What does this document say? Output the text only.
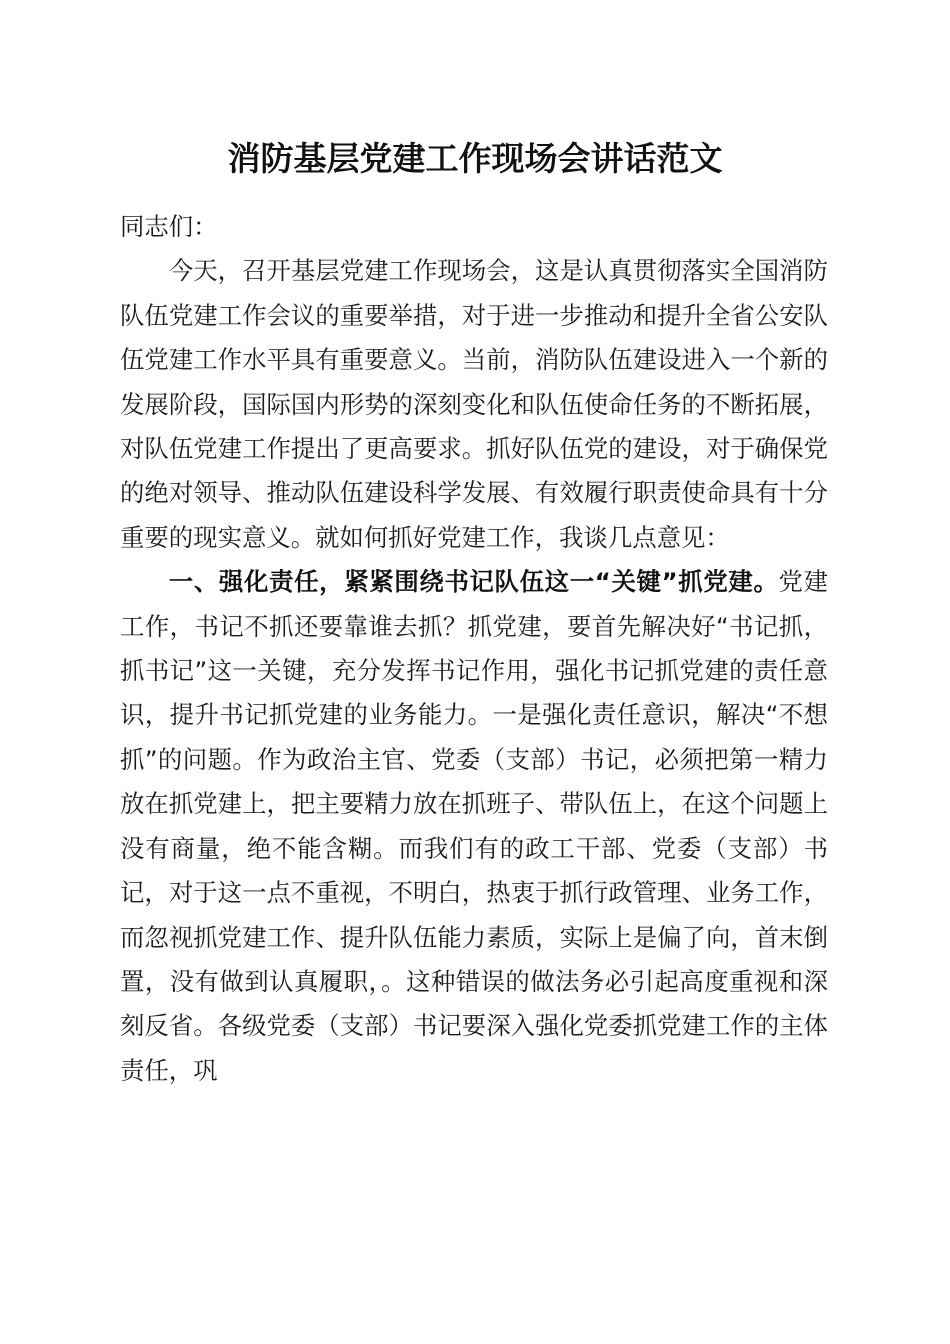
消防基层党建工作现场会讲话范文

同志们：

今天，召开基层党建工作现场会，这是认真贯彻落实全国消防队伍党建工作会议的重要举措，对于进一步推动和提升全省公安队伍党建工作水平具有重要意义。当前，消防队伍建设进入一个新的发展阶段，国际国内形势的深刻变化和队伍使命任务的不断拓展，对队伍党建工作提出了更高要求。抓好队伍党的建设，对于确保党的绝对领导、推动队伍建设科学发展、有效履行职责使命具有十分重要的现实意义。就如何抓好党建工作，我谈几点意见：

一、强化责任，紧紧围绕书记队伍这一“关键”抓党建。党建工作，书记不抓还要靠谁去抓？抓党建，要首先解决好“书记抓，抓书记”这一关键，充分发挥书记作用，强化书记抓党建的责任意识，提升书记抓党建的业务能力。一是强化责任意识，解决“不想抓”的问题。作为政治主官、党委（支部）书记，必须把第一精力放在抓党建上，把主要精力放在抓班子、带队伍上，在这个问题上没有商量，绝不能含糊。而我们有的政工干部、党委（支部）书记，对于这一点不重视，不明白，热衷于抓行政管理、业务工作，而忽视抓党建工作、提升队伍能力素质，实际上是偏了向，首末倒置，没有做到认真履职，。这种错误的做法务必引起高度重视和深刻反省。各级党委（支部）书记要深入强化党委抓党建工作的主体责任，巩
